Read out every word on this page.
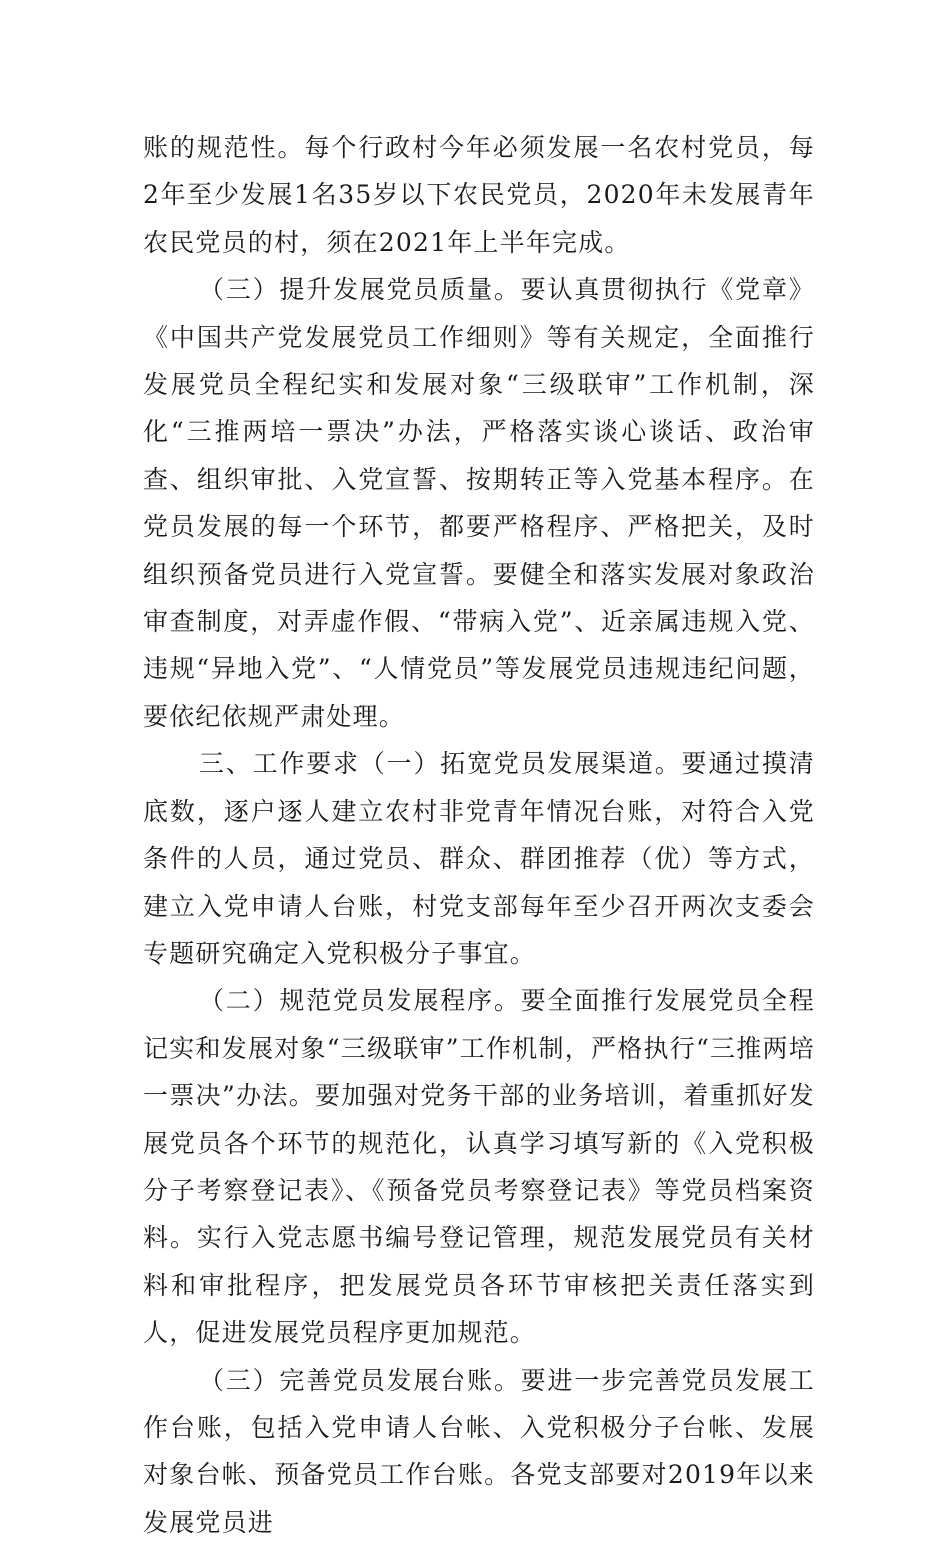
账的规范性。每个行政村今年必须发展一名农村党员，每2年至少发展1名35岁以下农民党员，2020年未发展青年农民党员的村，须在2021年上半年完成。

（三）提升发展党员质量。要认真贯彻执行《党章》《中国共产党发展党员工作细则》等有关规定，全面推行发展党员全程纪实和发展对象“三级联审”工作机制，深化“三推两培一票决”办法，严格落实谈心谈话、政治审查、组织审批、入党宣誓、按期转正等入党基本程序。在党员发展的每一个环节，都要严格程序、严格把关，及时组织预备党员进行入党宣誓。要健全和落实发展对象政治审查制度，对弄虚作假、“带病入党”、近亲属违规入党、违规“异地入党”、“人情党员”等发展党员违规违纪问题，要依纪依规严肃处理。

三、工作要求（一）拓宽党员发展渠道。要通过摸清底数，逐户逐人建立农村非党青年情况台账，对符合入党条件的人员，通过党员、群众、群团推荐（优）等方式，建立入党申请人台账，村党支部每年至少召开两次支委会专题研究确定入党积极分子事宜。

（二）规范党员发展程序。要全面推行发展党员全程记实和发展对象“三级联审”工作机制，严格执行“三推两培一票决”办法。要加强对党务干部的业务培训，着重抓好发展党员各个环节的规范化，认真学习填写新的《入党积极分子考察登记表》、《预备党员考察登记表》等党员档案资料。实行入党志愿书编号登记管理，规范发展党员有关材料和审批程序，把发展党员各环节审核把关责任落实到人，促进发展党员程序更加规范。

（三）完善党员发展台账。要进一步完善党员发展工作台账，包括入党申请人台帐、入党积极分子台帐、发展对象台帐、预备党员工作台账。各党支部要对2019年以来发展党员进
